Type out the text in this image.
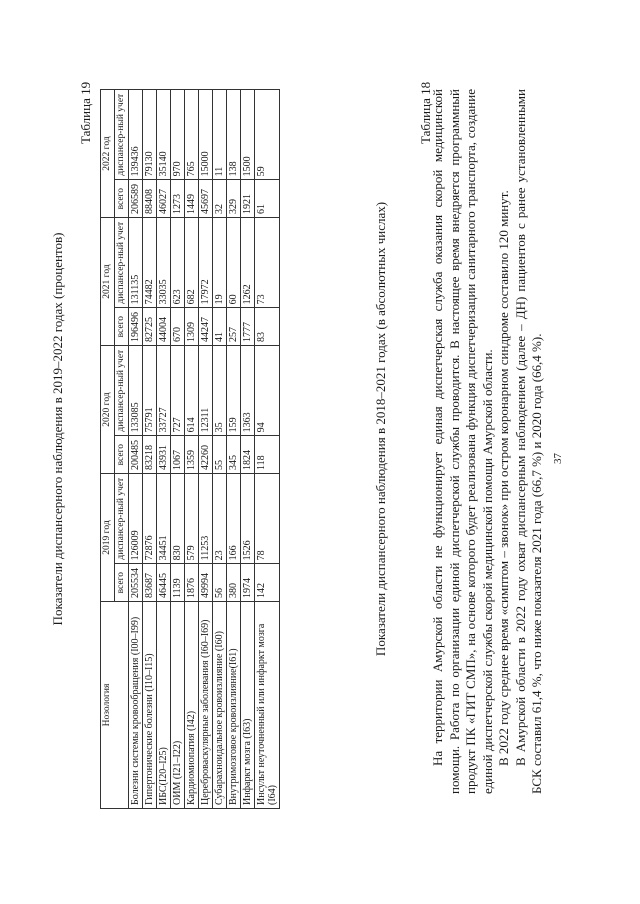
37

На территории Амурской области не функционирует единая диспетчерская служба оказания скорой медицинской помощи. Работа по организации единой диспетчерской службы проводится. В настоящее время внедряется программный продукт ПК «ГИТ СМП», на основе которого будет реализована функция диспетчеризации санитарного транспорта, создание единой диспетчерской службы скорой медицинской помощи Амурской области. В 2022 году среднее время «симптом – звонок» при остром коронарном синдроме составило 120 минут. В Амурской области в 2022 году охват диспансерным наблюдением (далее – ДН) пациентов с ранее установленными БСК составил 61,4 %, что ниже показателя 2021 года (66,7 %) и 2020 года (66,4 %).

Таблица 18
Показатели диспансерного наблюдения в 2018–2021 годах (в абсолютных числах)
Нозология	2019 год		2020 год		2021 год		2022 год	
	всего	диспансер-ный учет	всего	диспансер-ный учет	всего	диспансер-ный учет	всего	диспансер-ный учет
Болезни системы кровообращения (I00–I99)	205534	126009	200485	133085	196496	131135	206589	139436
Гипертонические болезни (I10–I15)	83687	72876	83218	75791	82725	74482	88408	79130
ИБС(I20–I25)	46445	34451	43931	33727	44004	33035	46027	35140
ОИМ (I21–I22)	1139	830	1067	727	670	623	1273	970
Кардиомиопатия (I42)	1876	579	1359	614	1309	682	1449	765
Цереброваскулярные заболевания (I60–I69)	49994	11253	42260	12311	44247	17972	45697	15000
Субарахноидальное кровоизлияние (I60)	56	23	55	35	41	19	32	11
Внутримозговое кровоизлияние(I61)	380	166	345	159	257	60	329	138
Инфаркт мозга (I63)	1974	1526	1824	1363	1777	1262	1921	1500
Инсульт неуточненный или инфаркт мозга (I64)	142	78	118	94	83	73	61	59
Таблица 19
Показатели диспансерного наблюдения в 2019–2022 годах (процентов)
